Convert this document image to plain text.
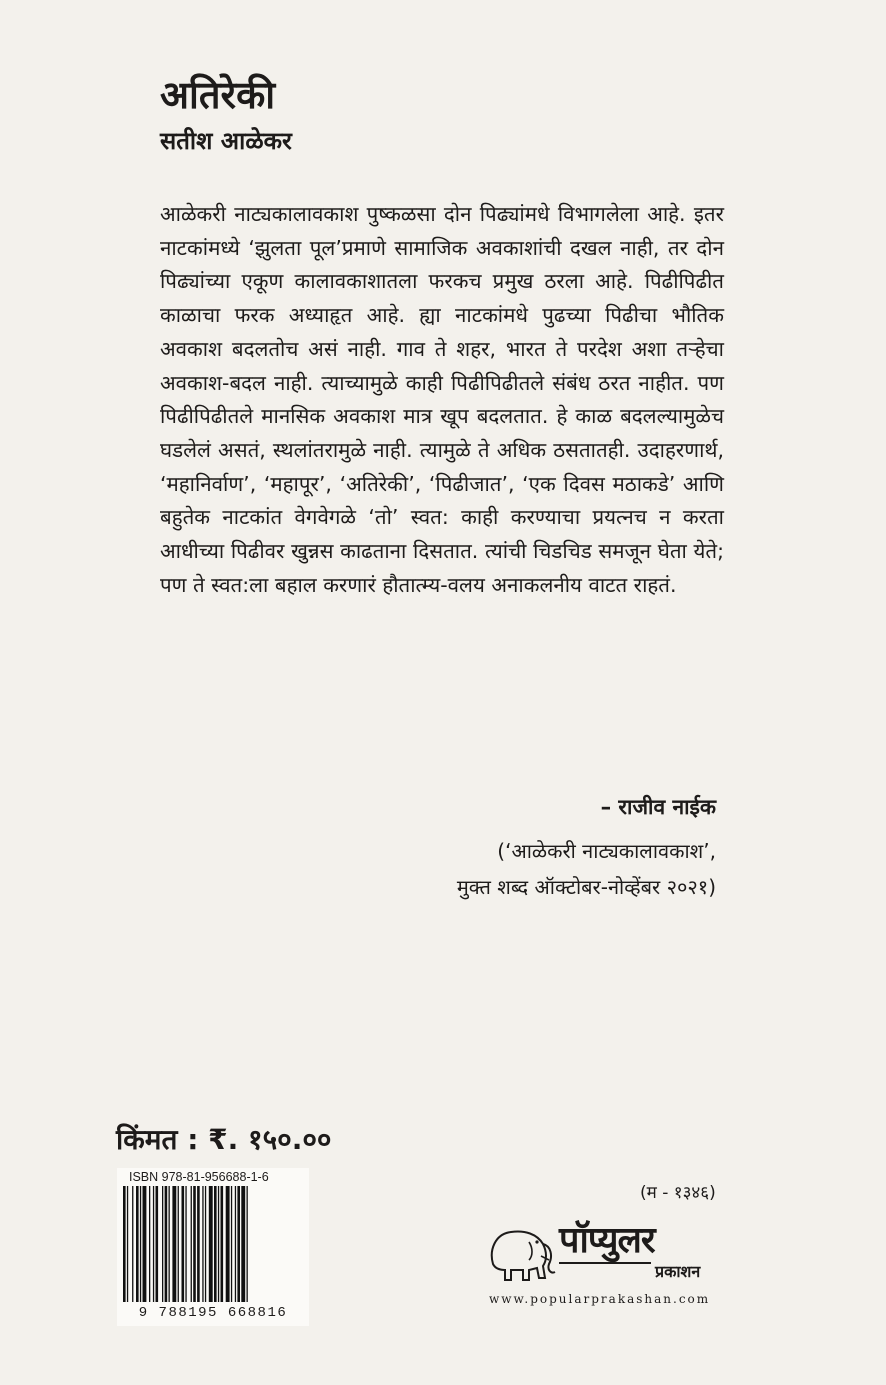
अतिरेकी
सतीश आळेकर

आळेकरी नाट्यकालावकाश पुष्कळसा दोन पिढ्यांमधे विभागलेला आहे. इतर नाटकांमध्ये ‘झुलता पूल’प्रमाणे सामाजिक अवकाशांची दखल नाही, तर दोन पिढ्यांच्या एकूण कालावकाशातला फरकच प्रमुख ठरला आहे. पिढीपिढीत काळाचा फरक अध्याहृत आहे. ह्या नाटकांमधे पुढच्या पिढीचा भौतिक अवकाश बदलतोच असं नाही. गाव ते शहर, भारत ते परदेश अशा तऱ्हेचा अवकाश-बदल नाही. त्याच्यामुळे काही पिढीपिढीतले संबंध ठरत नाहीत. पण पिढीपिढीतले मानसिक अवकाश मात्र खूप बदलतात. हे काळ बदलल्यामुळेच घडलेलं असतं, स्थलांतरामुळे नाही. त्यामुळे ते अधिक ठसतातही. उदाहरणार्थ, ‘महानिर्वाण’, ‘महापूर’, ‘अतिरेकी’, ‘पिढीजात’, ‘एक दिवस मठाकडे’ आणि बहुतेक नाटकांत वेगवेगळे ‘तो’ स्वत: काही करण्याचा प्रयत्नच न करता आधीच्या पिढीवर खुन्नस काढताना दिसतात. त्यांची चिडचिड समजून घेता येते; पण ते स्वत:ला बहाल करणारं हौतात्म्य-वलय अनाकलनीय वाटत राहतं.

– राजीव नाईक

(‘आळेकरी नाट्यकालावकाश’,
मुक्त शब्द ऑक्टोबर-नोव्हेंबर २०२१)

किंमत : ₹. १५०.००

ISBN 978-81-956688-1-6
9 788195 668816

(म - १३४६)

पॉप्युलर

प्रकाशन

www.popularprakashan.com
